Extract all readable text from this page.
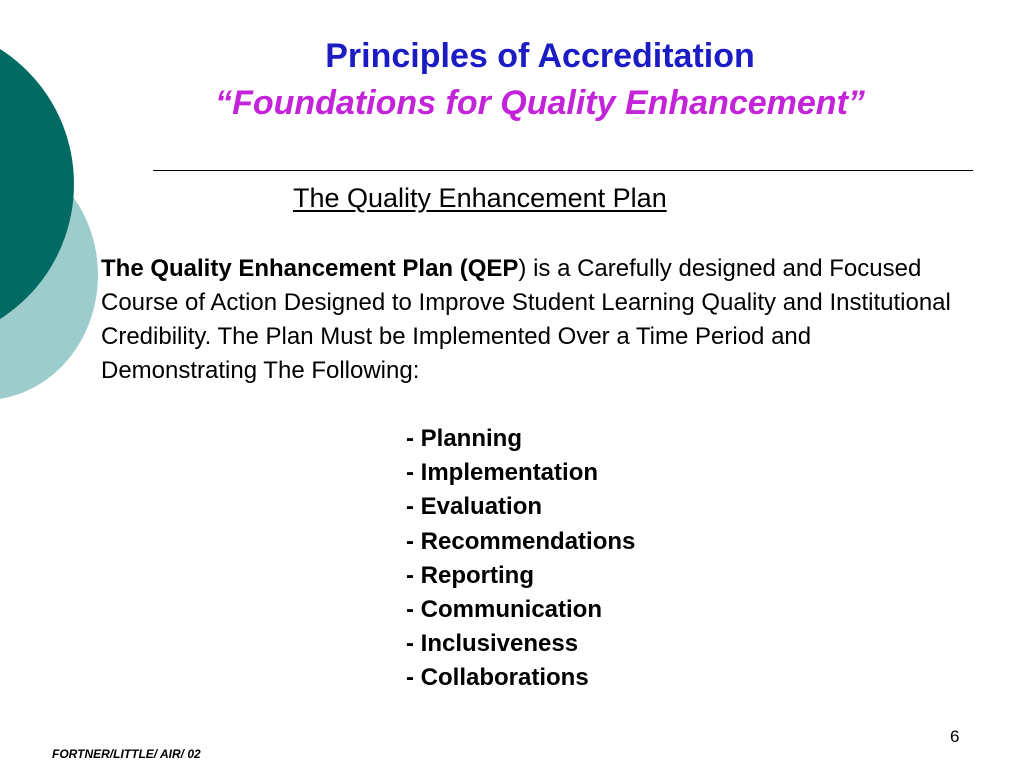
Principles of Accreditation
“Foundations for Quality Enhancement”
The Quality Enhancement Plan

The Quality Enhancement Plan (QEP) is a Carefully designed and Focused Course of Action Designed to Improve Student Learning Quality and Institutional Credibility. The Plan Must be Implemented Over a Time Period and Demonstrating The Following:

- Planning
- Implementation
- Evaluation
- Recommendations
- Reporting
- Communication
- Inclusiveness
- Collaborations
6
FORTNER/LITTLE/ AIR/ 02
